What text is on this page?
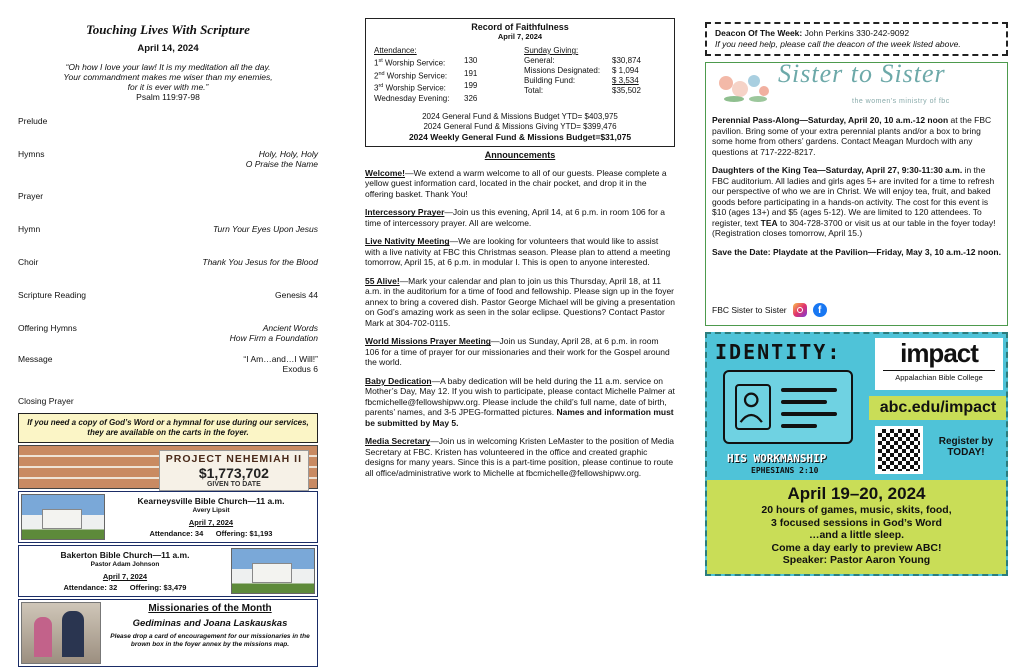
Touching Lives With Scripture
April 14, 2024
“Oh how I love your law! It is my meditation all the day.
Your commandment makes me wiser than my enemies,
for it is ever with me.”
Psalm 119:97-98
Prelude
Hymns	Holy, Holy, Holy
O Praise the Name
Prayer
Hymn	Turn Your Eyes Upon Jesus
Choir	Thank You Jesus for the Blood
Scripture Reading	Genesis 44
Offering Hymns	Ancient Words
How Firm a Foundation
Message	“I Am…and…I Will!”
Exodus 6
Closing Prayer
If you need a copy of God’s Word or a hymnal for use during our services, they are available on the carts in the foyer.
PROJECT NEHEMIAH II
$1,773,702
GIVEN TO DATE
Kearneysville Bible Church—11 a.m.
Avery Lipsit
April 7, 2024
Attendance: 34      Offering: $1,193
Bakerton Bible Church—11 a.m.
Pastor Adam Johnson
April 7, 2024
Attendance: 32      Offering: $3,479
Missionaries of the Month
Gediminas and Joana Laskauskas
Please drop a card of encouragement for our missionaries in the brown box in the foyer annex by the missions map.
Record of Faithfulness
April 7, 2024
Attendance:
1st Worship Service:	130
2nd Worship Service:	191
3rd Worship Service:	199
Wednesday Evening:	326
Sunday Giving:
General:	$30,874
Missions Designated:	$ 1,094
Building Fund:	$ 3,534
Total:	$35,502
2024 General Fund & Missions Budget YTD= $403,975
2024 General Fund & Missions Giving YTD= $399,476
2024 Weekly General Fund & Missions Budget=$31,075
Announcements
Welcome!—We extend a warm welcome to all of our guests. Please complete a yellow guest information card, located in the chair pocket, and drop it in the offering basket. Thank You!
Intercessory Prayer—Join us this evening, April 14, at 6 p.m. in room 106 for a time of intercessory prayer. All are welcome.
Live Nativity Meeting—We are looking for volunteers that would like to assist with a live nativity at FBC this Christmas season. Please plan to attend a meeting tomorrow, April 15, at 6 p.m. in modular I. This is open to anyone interested.
55 Alive!—Mark your calendar and plan to join us this Thursday, April 18, at 11 a.m. in the auditorium for a time of food and fellowship. Please sign up in the foyer annex to bring a covered dish. Pastor George Michael will be giving a presentation on God’s amazing work as seen in the solar eclipse. Questions? Contact Pastor Mark at 304-702-0115.
World Missions Prayer Meeting—Join us Sunday, April 28, at 6 p.m. in room 106 for a time of prayer for our missionaries and their work for the Gospel around the world.
Baby Dedication—A baby dedication will be held during the 11 a.m. service on Mother’s Day, May 12. If you wish to participate, please contact Michelle Palmer at fbcmichelle@fellowshipwv.org. Please include the child’s full name, date of birth, parents’ names, and 3-5 JPEG-formatted pictures. Names and information must be submitted by May 5.
Media Secretary—Join us in welcoming Kristen LeMaster to the position of Media Secretary at FBC. Kristen has volunteered in the office and created graphic designs for many years. Since this is a part-time position, please continue to route all office/administrative work to Michelle at fbcmichelle@fellowshipwv.org.
Deacon Of The Week: John Perkins 330-242-9092
If you need help, please call the deacon of the week listed above.
Sister to Sister
the women's ministry of fbc
Perennial Pass-Along—Saturday, April 20, 10 a.m.-12 noon at the FBC pavilion. Bring some of your extra perennial plants and/or a box to bring some home from others’ gardens. Contact Meagan Murdoch with any questions at 717-222-8217.
Daughters of the King Tea—Saturday, April 27, 9:30-11:30 a.m. in the FBC auditorium. All ladies and girls ages 5+ are invited for a time to refresh our perspective of who we are in Christ. We will enjoy tea, fruit, and baked goods before participating in a hands-on activity. The cost for this event is $10 (ages 13+) and $5 (ages 5-12). We are limited to 120 attendees. To register, text TEA to 304-728-3700 or visit us at our table in the foyer today! (Registration closes tomorrow, April 15.)
Save the Date: Playdate at the Pavilion—Friday, May 3, 10 a.m.-12 noon.
FBC Sister to Sister	f
IDENTITY:
HIS WORKMANSHIP
EPHESIANS 2:10
impact
Appalachian Bible College
abc.edu/impact
Register by
TODAY!
April 19–20, 2024
20 hours of games, music, skits, food,
3 focused sessions in God’s Word
…and a little sleep.
Come a day early to preview ABC!
Speaker: Pastor Aaron Young
